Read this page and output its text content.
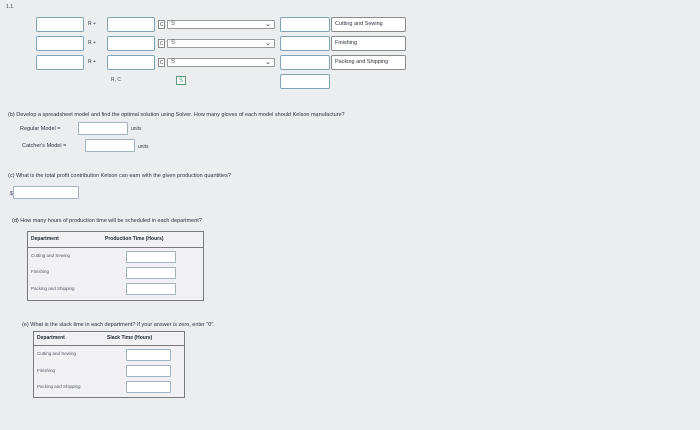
1.1.
R +	C S	⌄	Cutting and Sewing
R +	C S	⌄	Finishing
R +	C S	⌄	Packing and Shipping
R, C	S
(b) Develop a spreadsheet model and find the optimal solution using Solver. How many gloves of each model should Kelson manufacture?
Regular Model =	units
Catcher's Model =	units
(c) What is the total profit contribution Kelson can earn with the given production quantities?
$
(d) How many hours of production time will be scheduled in each department?
Department	Production Time (Hours)
Cutting and Sewing
Finishing
Packing and Shipping
(e) What is the slack time in each department? If your answer is zero, enter "0".
Department	Slack Time (Hours)
Cutting and Sewing
Finishing
Packing and Shipping
